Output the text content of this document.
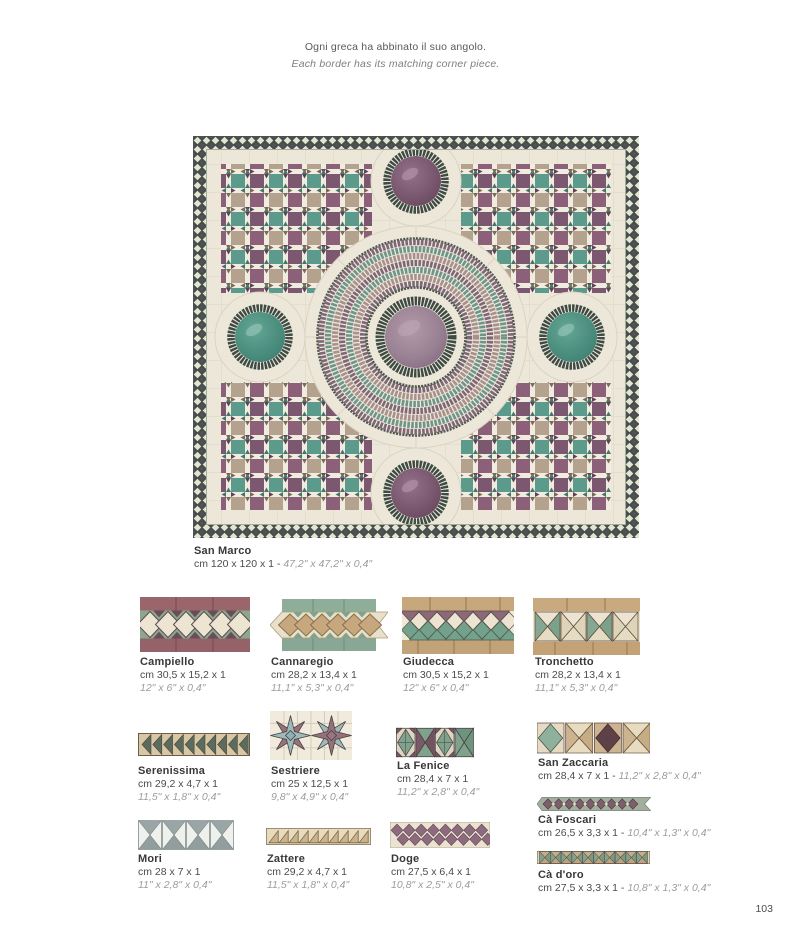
Ogni greca ha abbinato il suo angolo.
Each border has its matching corner piece.
San Marco
cm 120 x 120 x 1 - 47,2" x 47,2" x 0,4"
Campiello
cm 30,5 x 15,2 x 1
12" x 6" x 0,4"
Cannaregio
cm 28,2 x 13,4 x 1
11,1" x 5,3" x 0,4"
Giudecca
cm 30,5 x 15,2 x 1
12" x 6" x 0,4"
Tronchetto
cm 28,2 x 13,4 x 1
11,1" x 5,3" x 0,4"
Serenissima
cm 29,2 x 4,7 x 1
11,5" x 1,8" x 0,4"
Sestriere
cm 25 x 12,5 x 1
9,8" x 4,9" x 0,4"
La Fenice
cm 28,4 x 7 x 1
11,2" x 2,8" x 0,4"
San Zaccaria
cm 28,4 x 7 x 1 - 11,2" x 2,8" x 0,4"
Mori
cm 28 x 7 x 1
11" x 2,8" x 0,4"
Zattere
cm 29,2 x 4,7 x 1
11,5" x 1,8" x 0,4"
Doge
cm 27,5 x 6,4 x 1
10,8" x 2,5" x 0,4"
Cà Foscari
cm 26,5 x 3,3 x 1 - 10,4" x 1,3" x 0,4"
Cà d'oro
cm 27,5 x 3,3 x 1 - 10,8" x 1,3" x 0,4"
103
